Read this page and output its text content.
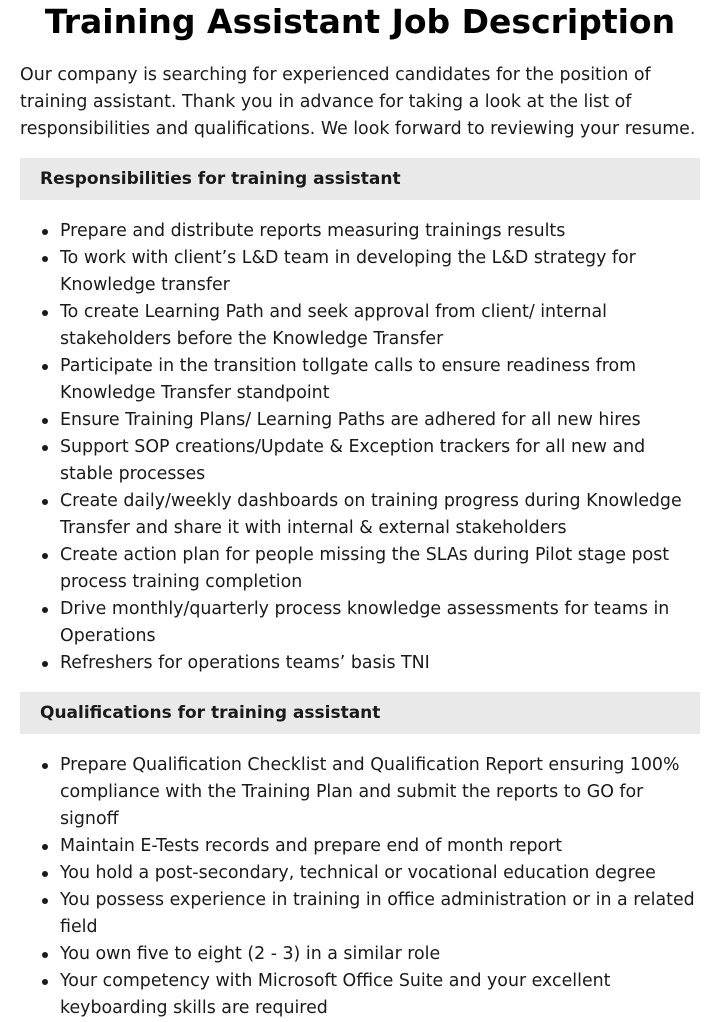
Training Assistant Job Description

Our company is searching for experienced candidates for the position of training assistant. Thank you in advance for taking a look at the list of responsibilities and qualifications. We look forward to reviewing your resume.

Responsibilities for training assistant
Prepare and distribute reports measuring trainings results
To work with client’s L&D team in developing the L&D strategy for Knowledge transfer
To create Learning Path and seek approval from client/ internal stakeholders before the Knowledge Transfer
Participate in the transition tollgate calls to ensure readiness from Knowledge Transfer standpoint
Ensure Training Plans/ Learning Paths are adhered for all new hires
Support SOP creations/Update & Exception trackers for all new and stable processes
Create daily/weekly dashboards on training progress during Knowledge Transfer and share it with internal & external stakeholders
Create action plan for people missing the SLAs during Pilot stage post process training completion
Drive monthly/quarterly process knowledge assessments for teams in Operations
Refreshers for operations teams’ basis TNI
Qualifications for training assistant
Prepare Qualification Checklist and Qualification Report ensuring 100% compliance with the Training Plan and submit the reports to GO for signoff
Maintain E-Tests records and prepare end of month report
You hold a post-secondary, technical or vocational education degree
You possess experience in training in office administration or in a related field
You own five to eight (2 - 3) in a similar role
Your competency with Microsoft Office Suite and your excellent keyboarding skills are required
